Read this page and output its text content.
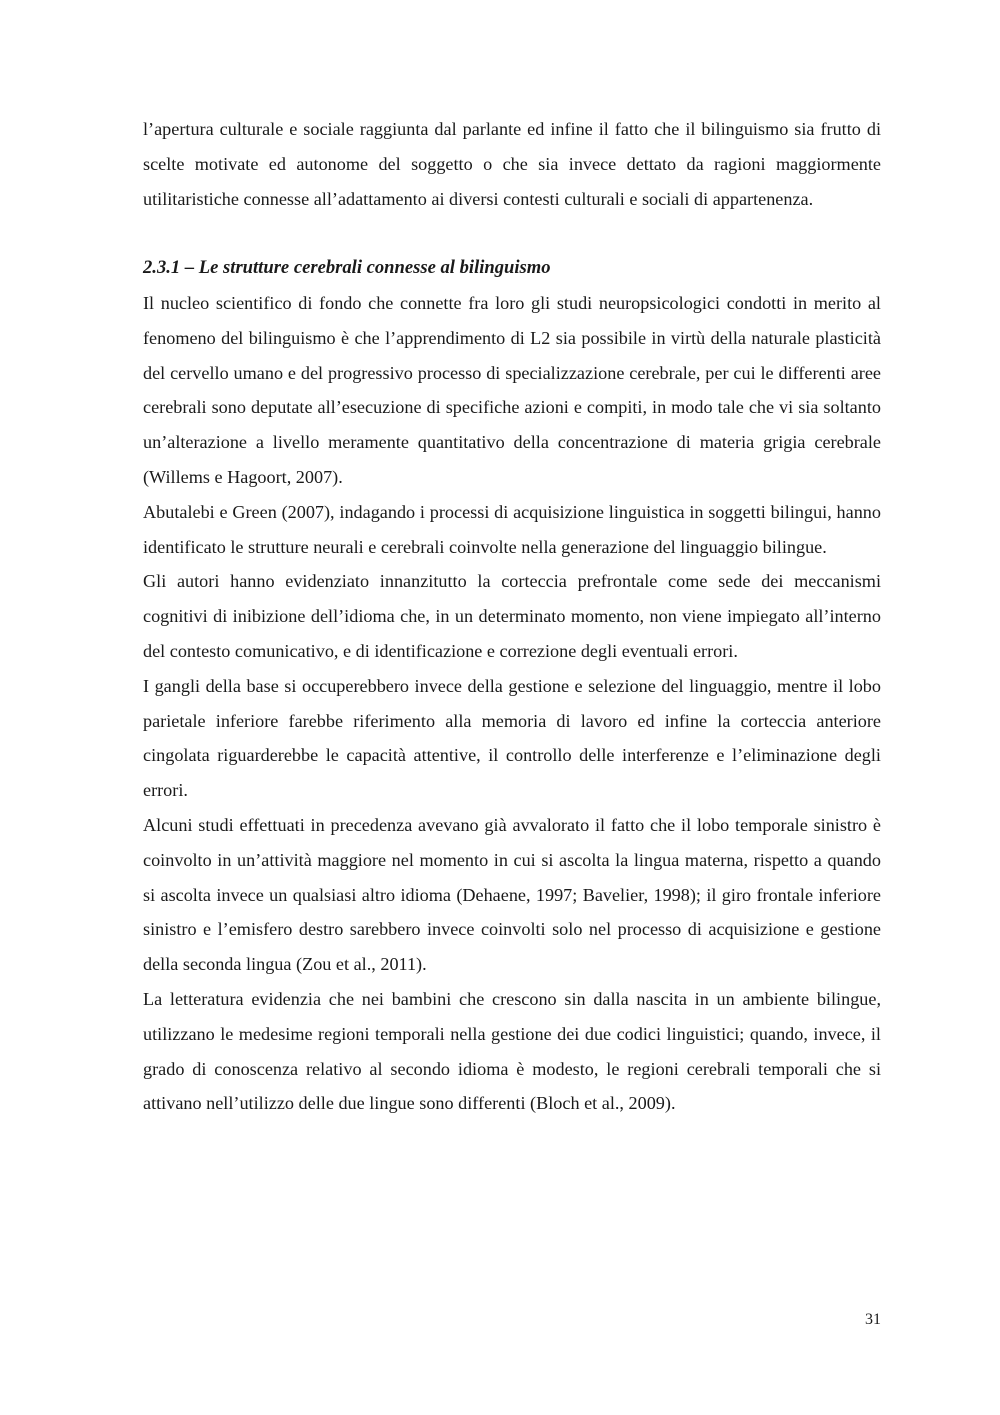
l’apertura culturale e sociale raggiunta dal parlante ed infine il fatto che il bilinguismo sia frutto di scelte motivate ed autonome del soggetto o che sia invece dettato da ragioni maggiormente utilitaristiche connesse all’adattamento ai diversi contesti culturali e sociali di appartenenza.

2.3.1 – Le strutture cerebrali connesse al bilinguismo

Il nucleo scientifico di fondo che connette fra loro gli studi neuropsicologici condotti in merito al fenomeno del bilinguismo è che l’apprendimento di L2 sia possibile in virtù della naturale plasticità del cervello umano e del progressivo processo di specializzazione cerebrale, per cui le differenti aree cerebrali sono deputate all’esecuzione di specifiche azioni e compiti, in modo tale che vi sia soltanto un’alterazione a livello meramente quantitativo della concentrazione di materia grigia cerebrale (Willems e Hagoort, 2007).

Abutalebi e Green (2007), indagando i processi di acquisizione linguistica in soggetti bilingui, hanno identificato le strutture neurali e cerebrali coinvolte nella generazione del linguaggio bilingue.

Gli autori hanno evidenziato innanzitutto la corteccia prefrontale come sede dei meccanismi cognitivi di inibizione dell’idioma che, in un determinato momento, non viene impiegato all’interno del contesto comunicativo, e di identificazione e correzione degli eventuali errori.

I gangli della base si occuperebbero invece della gestione e selezione del linguaggio, mentre il lobo parietale inferiore farebbe riferimento alla memoria di lavoro ed infine la corteccia anteriore cingolata riguarderebbe le capacità attentive, il controllo delle interferenze e l’eliminazione degli errori.

Alcuni studi effettuati in precedenza avevano già avvalorato il fatto che il lobo temporale sinistro è coinvolto in un’attività maggiore nel momento in cui si ascolta la lingua materna, rispetto a quando si ascolta invece un qualsiasi altro idioma (Dehaene, 1997; Bavelier, 1998); il giro frontale inferiore sinistro e l’emisfero destro sarebbero invece coinvolti solo nel processo di acquisizione e gestione della seconda lingua (Zou et al., 2011).

La letteratura evidenzia che nei bambini che crescono sin dalla nascita in un ambiente bilingue, utilizzano le medesime regioni temporali nella gestione dei due codici linguistici; quando, invece, il grado di conoscenza relativo al secondo idioma è modesto, le regioni cerebrali temporali che si attivano nell’utilizzo delle due lingue sono differenti (Bloch et al., 2009).

31
